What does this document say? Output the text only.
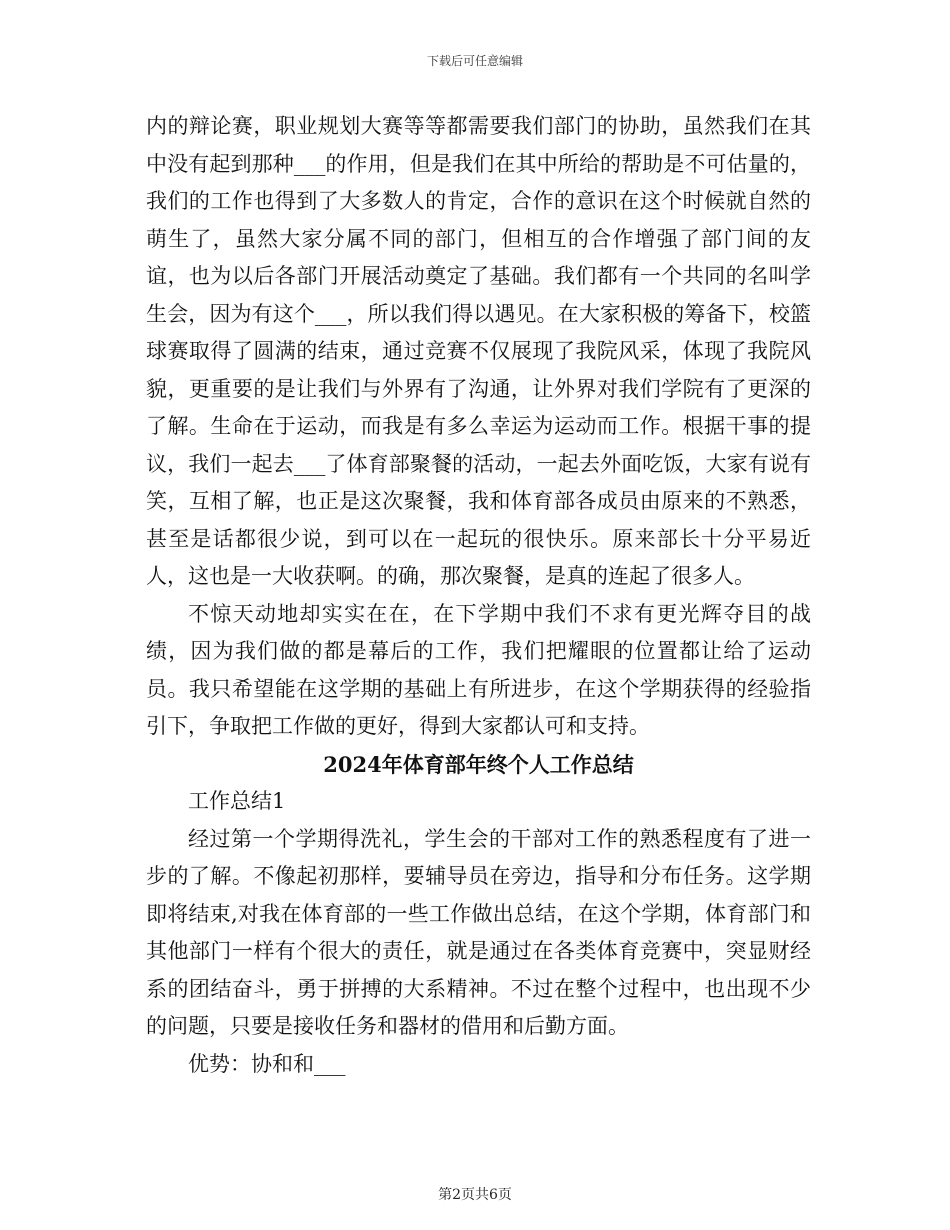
下载后可任意编辑

内的辩论赛，职业规划大赛等等都需要我们部门的协助，虽然我们在其中没有起到那种___的作用，但是我们在其中所给的帮助是不可估量的，我们的工作也得到了大多数人的肯定，合作的意识在这个时候就自然的萌生了，虽然大家分属不同的部门，但相互的合作增强了部门间的友谊，也为以后各部门开展活动奠定了基础。我们都有一个共同的名叫学生会，因为有这个___，所以我们得以遇见。在大家积极的筹备下，校篮球赛取得了圆满的结束，通过竞赛不仅展现了我院风采，体现了我院风貌，更重要的是让我们与外界有了沟通，让外界对我们学院有了更深的了解。生命在于运动，而我是有多么幸运为运动而工作。根据干事的提议，我们一起去___了体育部聚餐的活动，一起去外面吃饭，大家有说有笑，互相了解，也正是这次聚餐，我和体育部各成员由原来的不熟悉，甚至是话都很少说，到可以在一起玩的很快乐。原来部长十分平易近人，这也是一大收获啊。的确，那次聚餐，是真的连起了很多人。

不惊天动地却实实在在，在下学期中我们不求有更光辉夺目的战绩，因为我们做的都是幕后的工作，我们把耀眼的位置都让给了运动员。我只希望能在这学期的基础上有所进步，在这个学期获得的经验指引下，争取把工作做的更好，得到大家都认可和支持。

2024年体育部年终个人工作总结

工作总结1

经过第一个学期得洗礼，学生会的干部对工作的熟悉程度有了进一步的了解。不像起初那样，要辅导员在旁边，指导和分布任务。这学期即将结束,对我在体育部的一些工作做出总结，在这个学期，体育部门和其他部门一样有个很大的责任，就是通过在各类体育竞赛中，突显财经系的团结奋斗，勇于拼搏的大系精神。不过在整个过程中，也出现不少的问题，只要是接收任务和器材的借用和后勤方面。

优势：协和和___

第2页共6页
